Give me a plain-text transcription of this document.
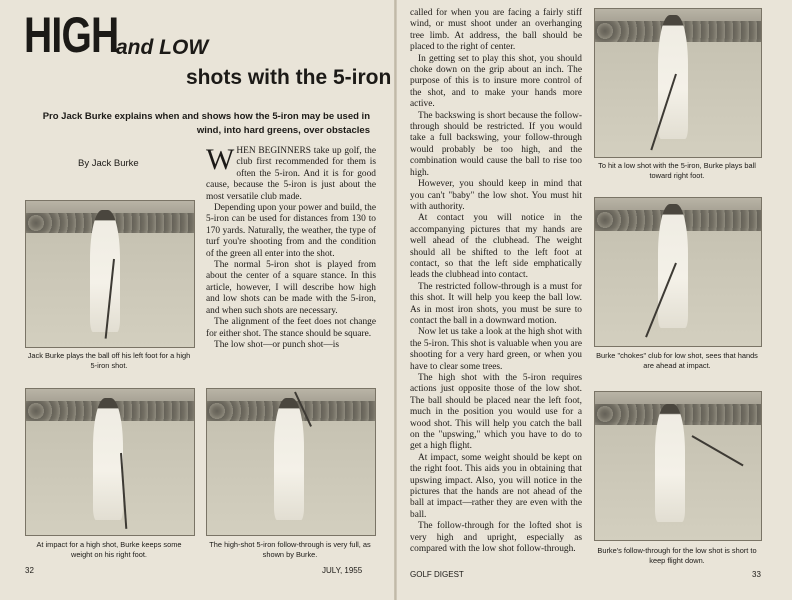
HIGH
and LOW
shots with the 5-iron
Pro Jack Burke explains when and shows how the 5-iron may be used in wind, into hard greens, over obstacles
By Jack Burke WHEN BEGINNERS take up golf, the club first recommended for them is often the 5-iron. And it is for good cause, because the 5-iron is just about the most versatile club made.

Depending upon your power and build, the 5-iron can be used for distances from 130 to 170 yards. Naturally, the weather, the type of turf you're shooting from and the condition of the green all enter into the shot.

The normal 5-iron shot is played from about the center of a square stance. In this article, however, I will describe how high and low shots can be made with the 5-iron, and when such shots are necessary.

The alignment of the feet does not change for either shot. The stance should be square.

The low shot—or punch shot—is

Jack Burke plays the ball off his left foot for a high 5-iron shot.
At impact for a high shot, Burke keeps some weight on his right foot.
The high-shot 5-iron follow-through is very full, as shown by Burke.
32	JULY, 1955

called for when you are facing a fairly stiff wind, or must shoot under an overhanging tree limb. At address, the ball should be placed to the right of center.

In getting set to play this shot, you should choke down on the grip about an inch. The purpose of this is to insure more control of the shot, and to make your hands more active.

The backswing is short because the follow-through should be restricted. If you would take a full backswing, your follow-through would probably be too high, and the combination would cause the ball to rise too high.

However, you should keep in mind that you can't "baby" the low shot. You must hit with authority.

At contact you will notice in the accompanying pictures that my hands are well ahead of the clubhead. The weight should all be shifted to the left foot at contact, so that the left side emphatically leads the clubhead into contact.

The restricted follow-through is a must for this shot. It will help you keep the ball low. As in most iron shots, you must be sure to contact the ball in a downward motion.

Now let us take a look at the high shot with the 5-iron. This shot is valuable when you are shooting for a very hard green, or when you have to clear some trees.

The high shot with the 5-iron requires actions just opposite those of the low shot. The ball should be placed near the left foot, much in the position you would use for a wood shot. This will help you catch the ball on the "upswing," which you have to do to get a high flight.

At impact, some weight should be kept on the right foot. This aids you in obtaining that upswing impact. Also, you will notice in the pictures that the hands are not ahead of the ball at impact—rather they are even with the ball.

The follow-through for the lofted shot is very high and upright, especially as compared with the low shot follow-through.

To hit a low shot with the 5-iron, Burke plays ball toward right foot.
Burke "chokes" club for low shot, sees that hands are ahead at impact.
Burke's follow-through for the low shot is short to keep flight down.
GOLF DIGEST	33
